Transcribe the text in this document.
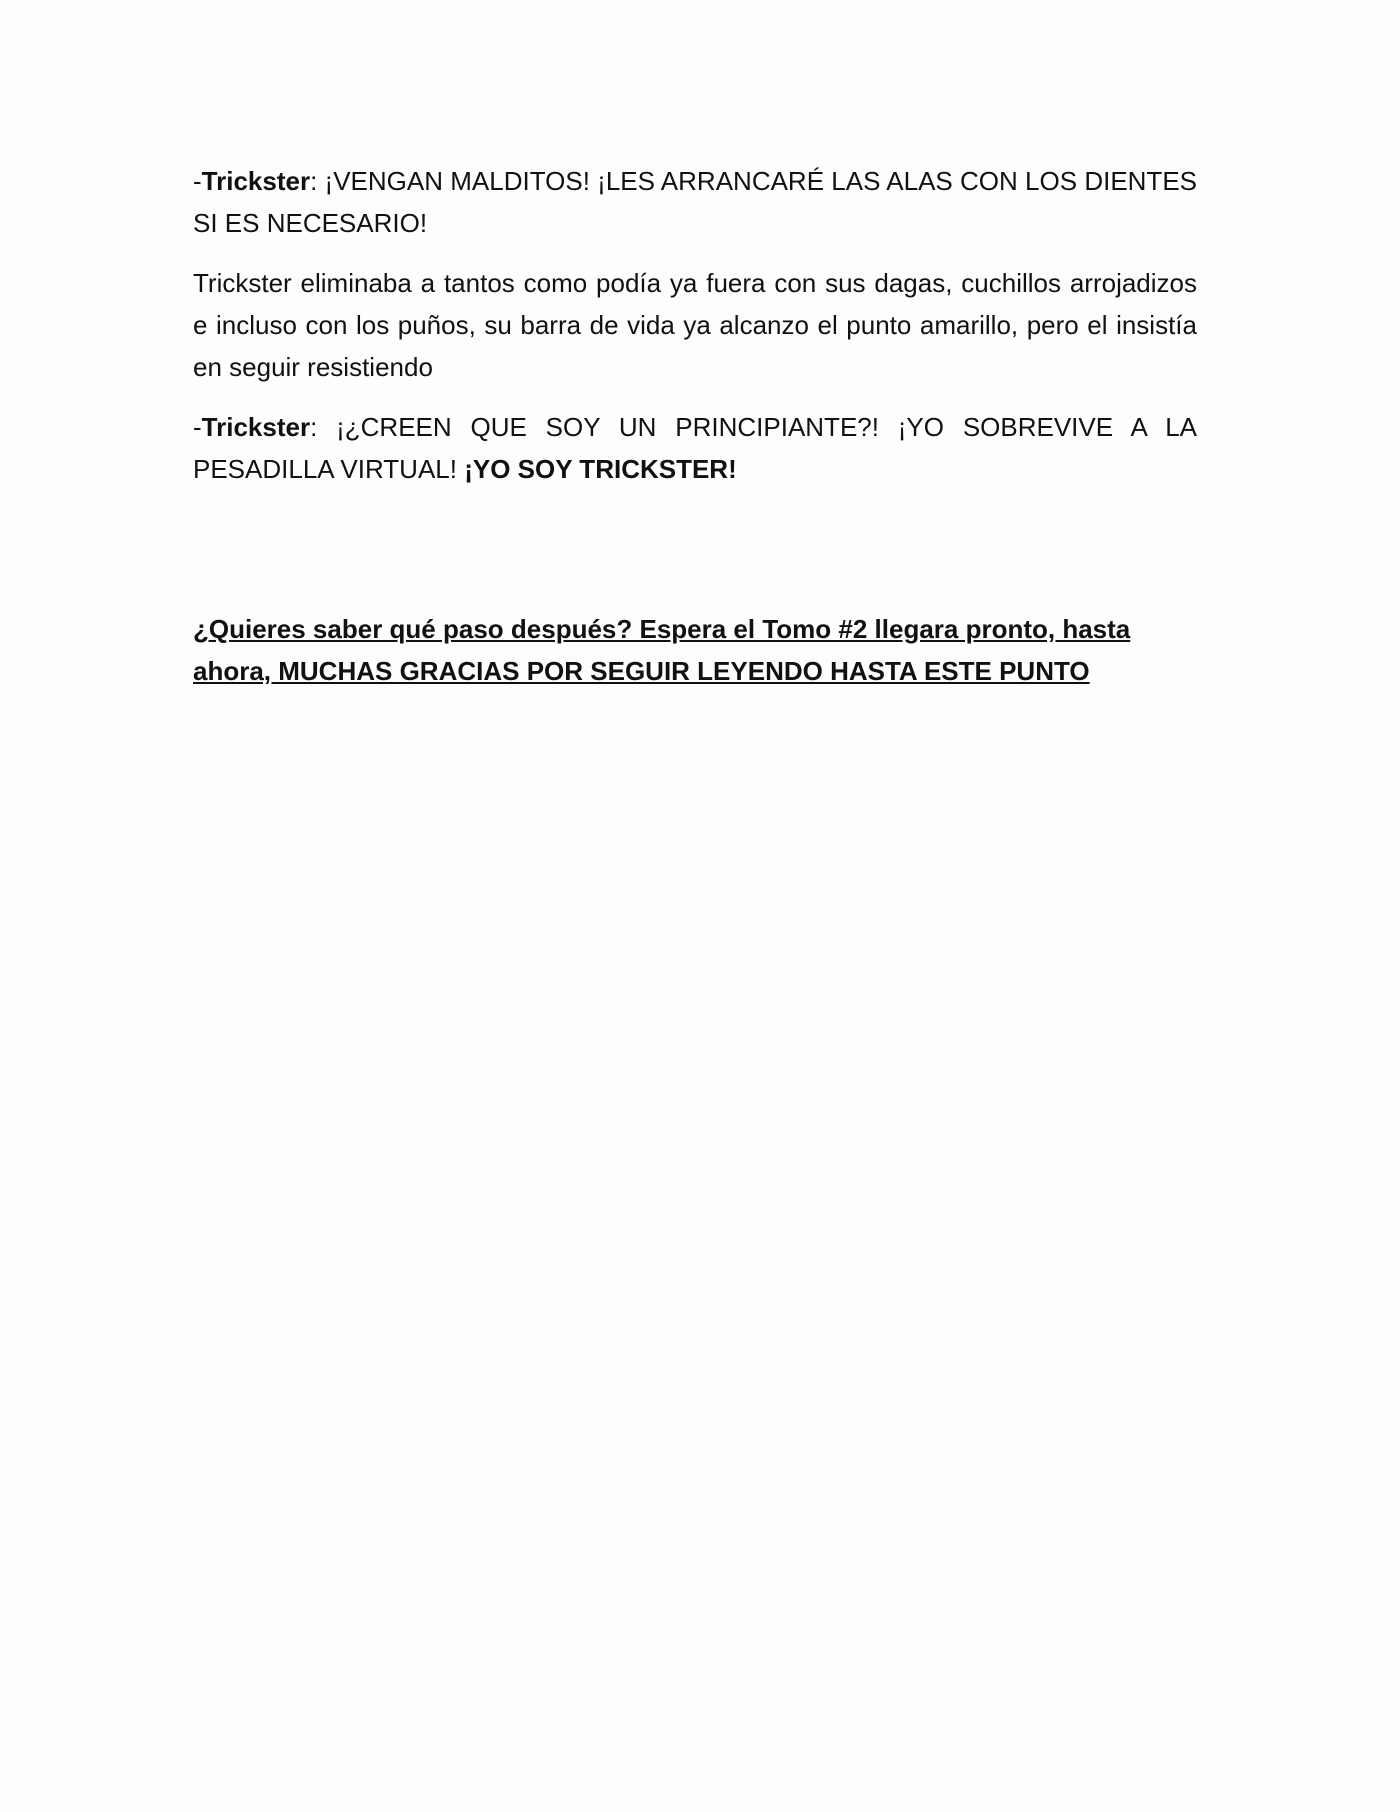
-Trickster: ¡VENGAN MALDITOS! ¡LES ARRANCARÉ LAS ALAS CON LOS DIENTES SI ES NECESARIO!

Trickster eliminaba a tantos como podía ya fuera con sus dagas, cuchillos arrojadizos e incluso con los puños, su barra de vida ya alcanzo el punto amarillo, pero el insistía en seguir resistiendo

-Trickster: ¡¿CREEN QUE SOY UN PRINCIPIANTE?! ¡YO SOBREVIVE A LA PESADILLA VIRTUAL! ¡YO SOY TRICKSTER!

¿Quieres saber qué paso después? Espera el Tomo #2 llegara pronto, hasta ahora, MUCHAS GRACIAS POR SEGUIR LEYENDO HASTA ESTE PUNTO
